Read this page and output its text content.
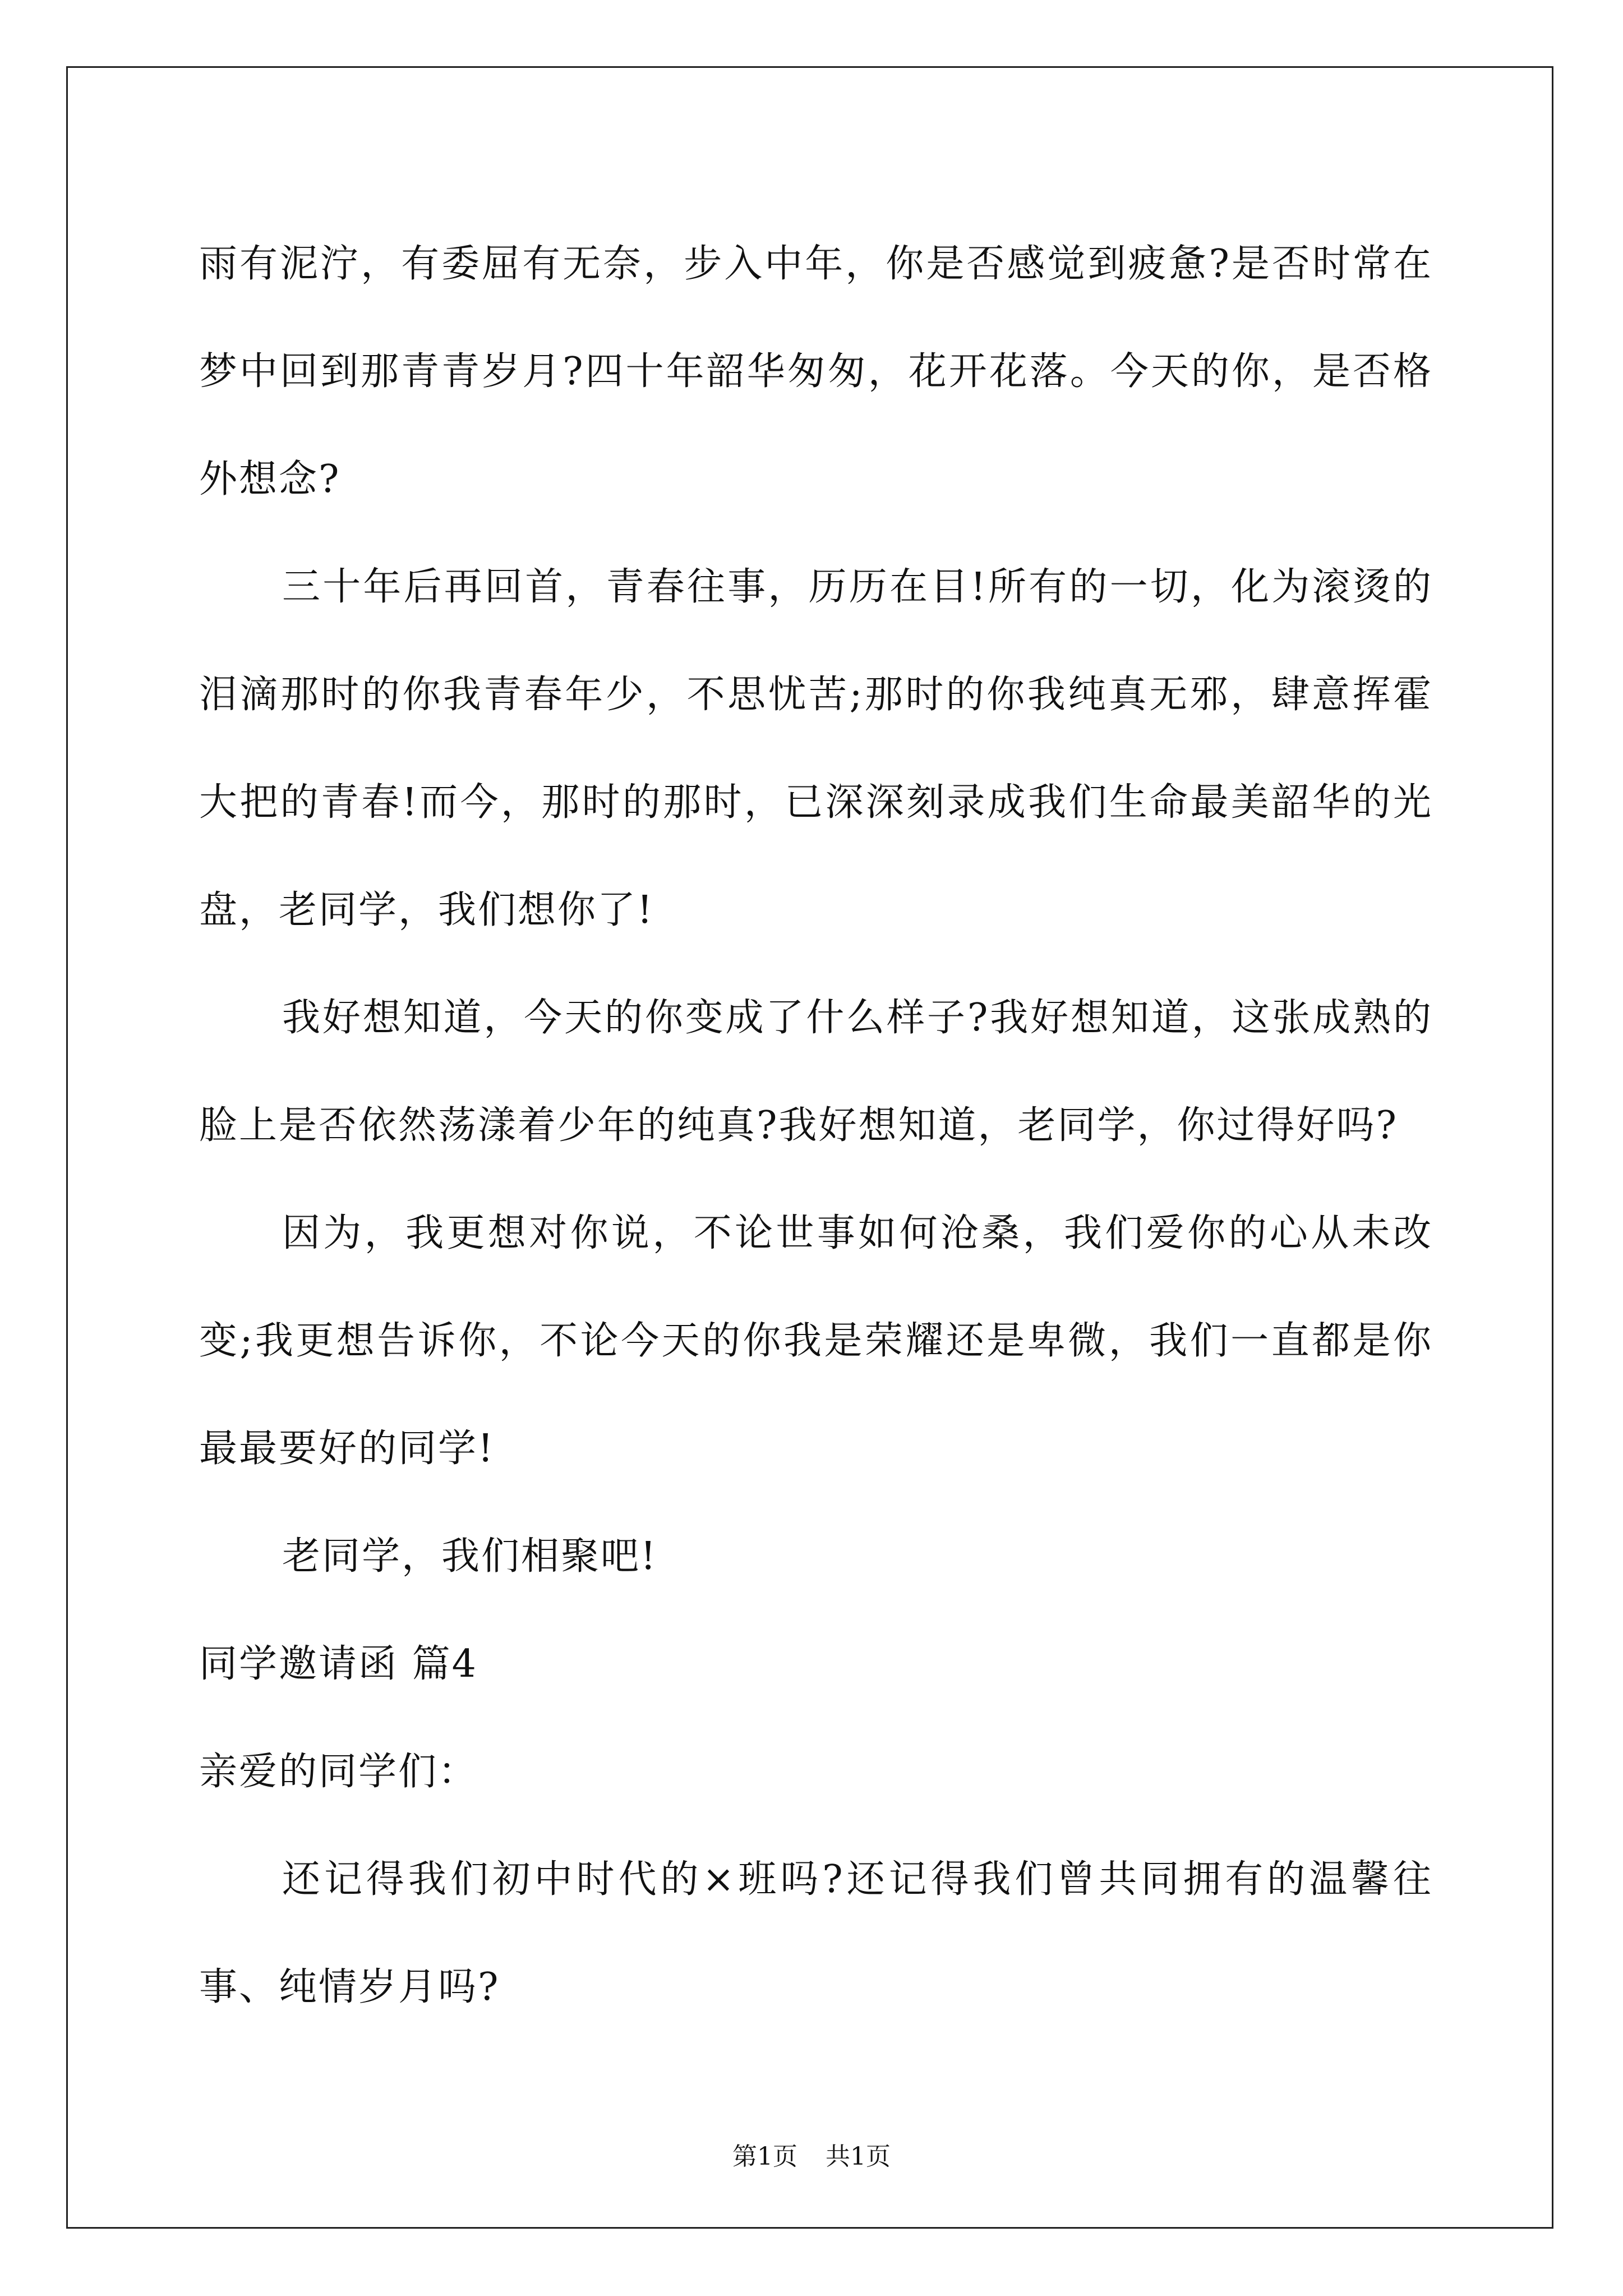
雨有泥泞，有委屈有无奈，步入中年，你是否感觉到疲惫?是否时常在梦中回到那青青岁月?四十年韶华匆匆，花开花落。今天的你，是否格外想念?

三十年后再回首，青春往事，历历在目!所有的一切，化为滚烫的泪滴那时的你我青春年少，不思忧苦;那时的你我纯真无邪，肆意挥霍大把的青春!而今，那时的那时，已深深刻录成我们生命最美韶华的光盘，老同学，我们想你了!

我好想知道，今天的你变成了什么样子?我好想知道，这张成熟的脸上是否依然荡漾着少年的纯真?我好想知道，老同学，你过得好吗?

因为，我更想对你说，不论世事如何沧桑，我们爱你的心从未改变;我更想告诉你，不论今天的你我是荣耀还是卑微，我们一直都是你最最要好的同学!

老同学，我们相聚吧!

同学邀请函 篇4

亲爱的同学们：

还记得我们初中时代的×班吗?还记得我们曾共同拥有的温馨往事、纯情岁月吗?

第1页 共1页
